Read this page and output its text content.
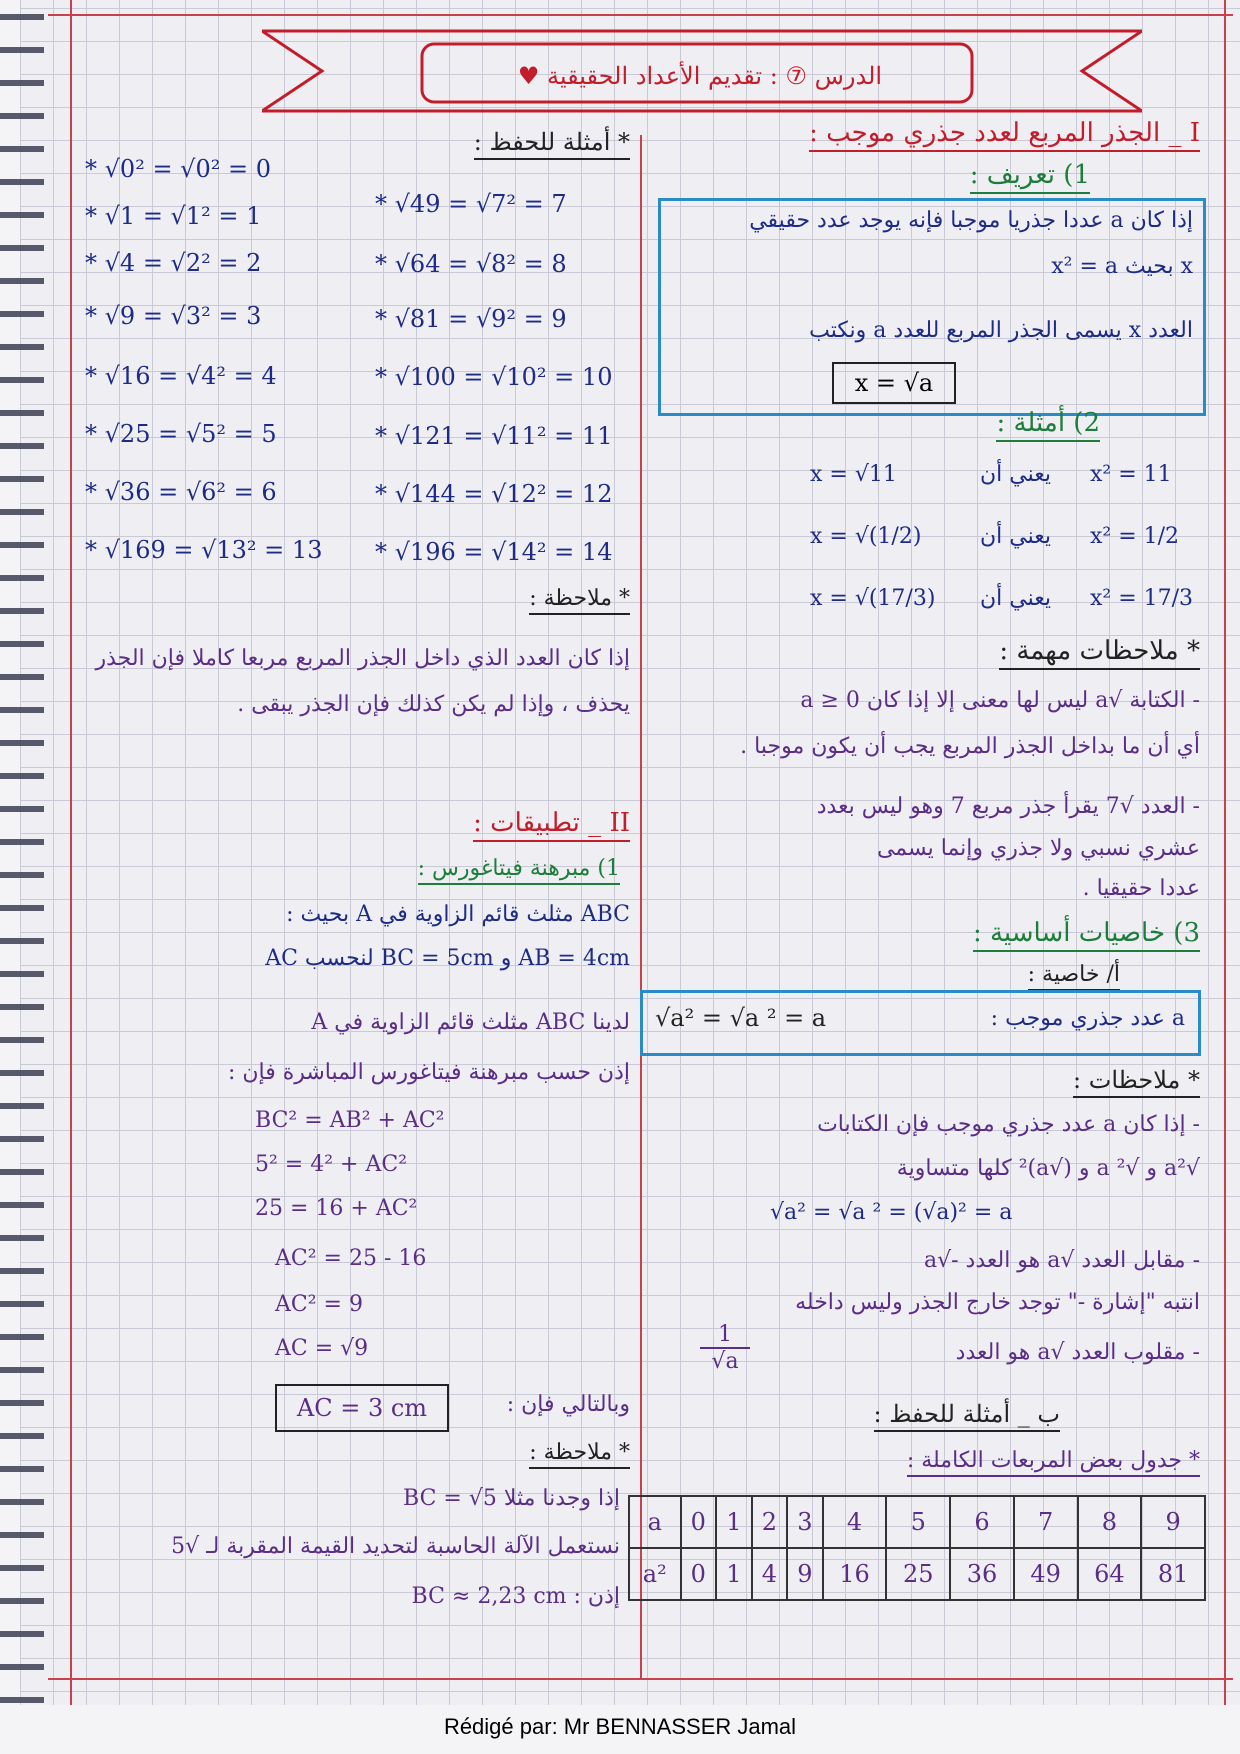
الدرس ⑦ : تقديم الأعداد الحقيقية ♥
I _ الجذر المربع لعدد جذري موجب :
1) تعريف :
إذا كان a عددا جذريا موجبا فإنه يوجد عدد حقيقي
x بحيث x² = a
العدد x يسمى الجذر المربع للعدد a ونكتب
x = √a
2) أمثلة :
x = √11	يعني أن	x² = 11
x = √(1/2)	يعني أن	x² = 1/2
x = √(17/3) يعني أن	x² = 17/3
* ملاحظات مهمة :
- الكتابة √a ليس لها معنى إلا إذا كان a ≥ 0
أي أن ما بداخل الجذر المربع يجب أن يكون موجبا .
- العدد √7 يقرأ جذر مربع 7 وهو ليس بعدد
عشري نسبي ولا جذري وإنما يسمى
عددا حقيقيا .
3) خاصيات أساسية :
أ/ خاصية :
√a² = √a ² = a	a عدد جذري موجب :
* ملاحظات :
- إذا كان a عدد جذري موجب فإن الكتابات
√a² و √a ² و (√a)² كلها متساوية
√a² = √a ² = (√a)² = a
- مقابل العدد √a هو العدد -√a
انتبه "إشارة -" توجد خارج الجذر وليس داخله
- مقلوب العدد √a هو العدد
$\frac{1}{√a}$
ب _ أمثلة للحفظ :
* جدول بعض المربعات الكاملة :
a	0	1	2	3	4	5	6	7	8	9
a²	0	1	4	9	16	25	36	49	64	81
* أمثلة للحفظ :
* √0² = √0² = 0
* √1 = √1² = 1
* √4 = √2² = 2
* √9 = √3² = 3
* √16 = √4² = 4
* √25 = √5² = 5
* √36 = √6² = 6
* √169 = √13² = 13
* √49 = √7² = 7
* √64 = √8² = 8
* √81 = √9² = 9
* √100 = √10² = 10
* √121 = √11² = 11
* √144 = √12² = 12
* √196 = √14² = 14
* ملاحظة :
إذا كان العدد الذي داخل الجذر المربع مربعا كاملا فإن الجذر يحذف ، وإذا لم يكن كذلك فإن الجذر يبقى .
II _ تطبيقات :
1) مبرهنة فيتاغورس :
ABC مثلث قائم الزاوية في A بحيث :
AB = 4cm و BC = 5cm لنحسب AC
لدينا ABC مثلث قائم الزاوية في A
إذن حسب مبرهنة فيتاغورس المباشرة فإن :
BC² = AB² + AC²
5² = 4² + AC²
25 = 16 + AC²
AC² = 25 - 16
AC² = 9
AC = √9
AC = 3 cm	وبالتالي فإن :
* ملاحظة :
إذا وجدنا مثلا BC = √5
نستعمل الآلة الحاسبة لتحديد القيمة المقربة لـ √5
إذن : BC ≈ 2,23 cm
Rédigé par: Mr BENNASSER Jamal
